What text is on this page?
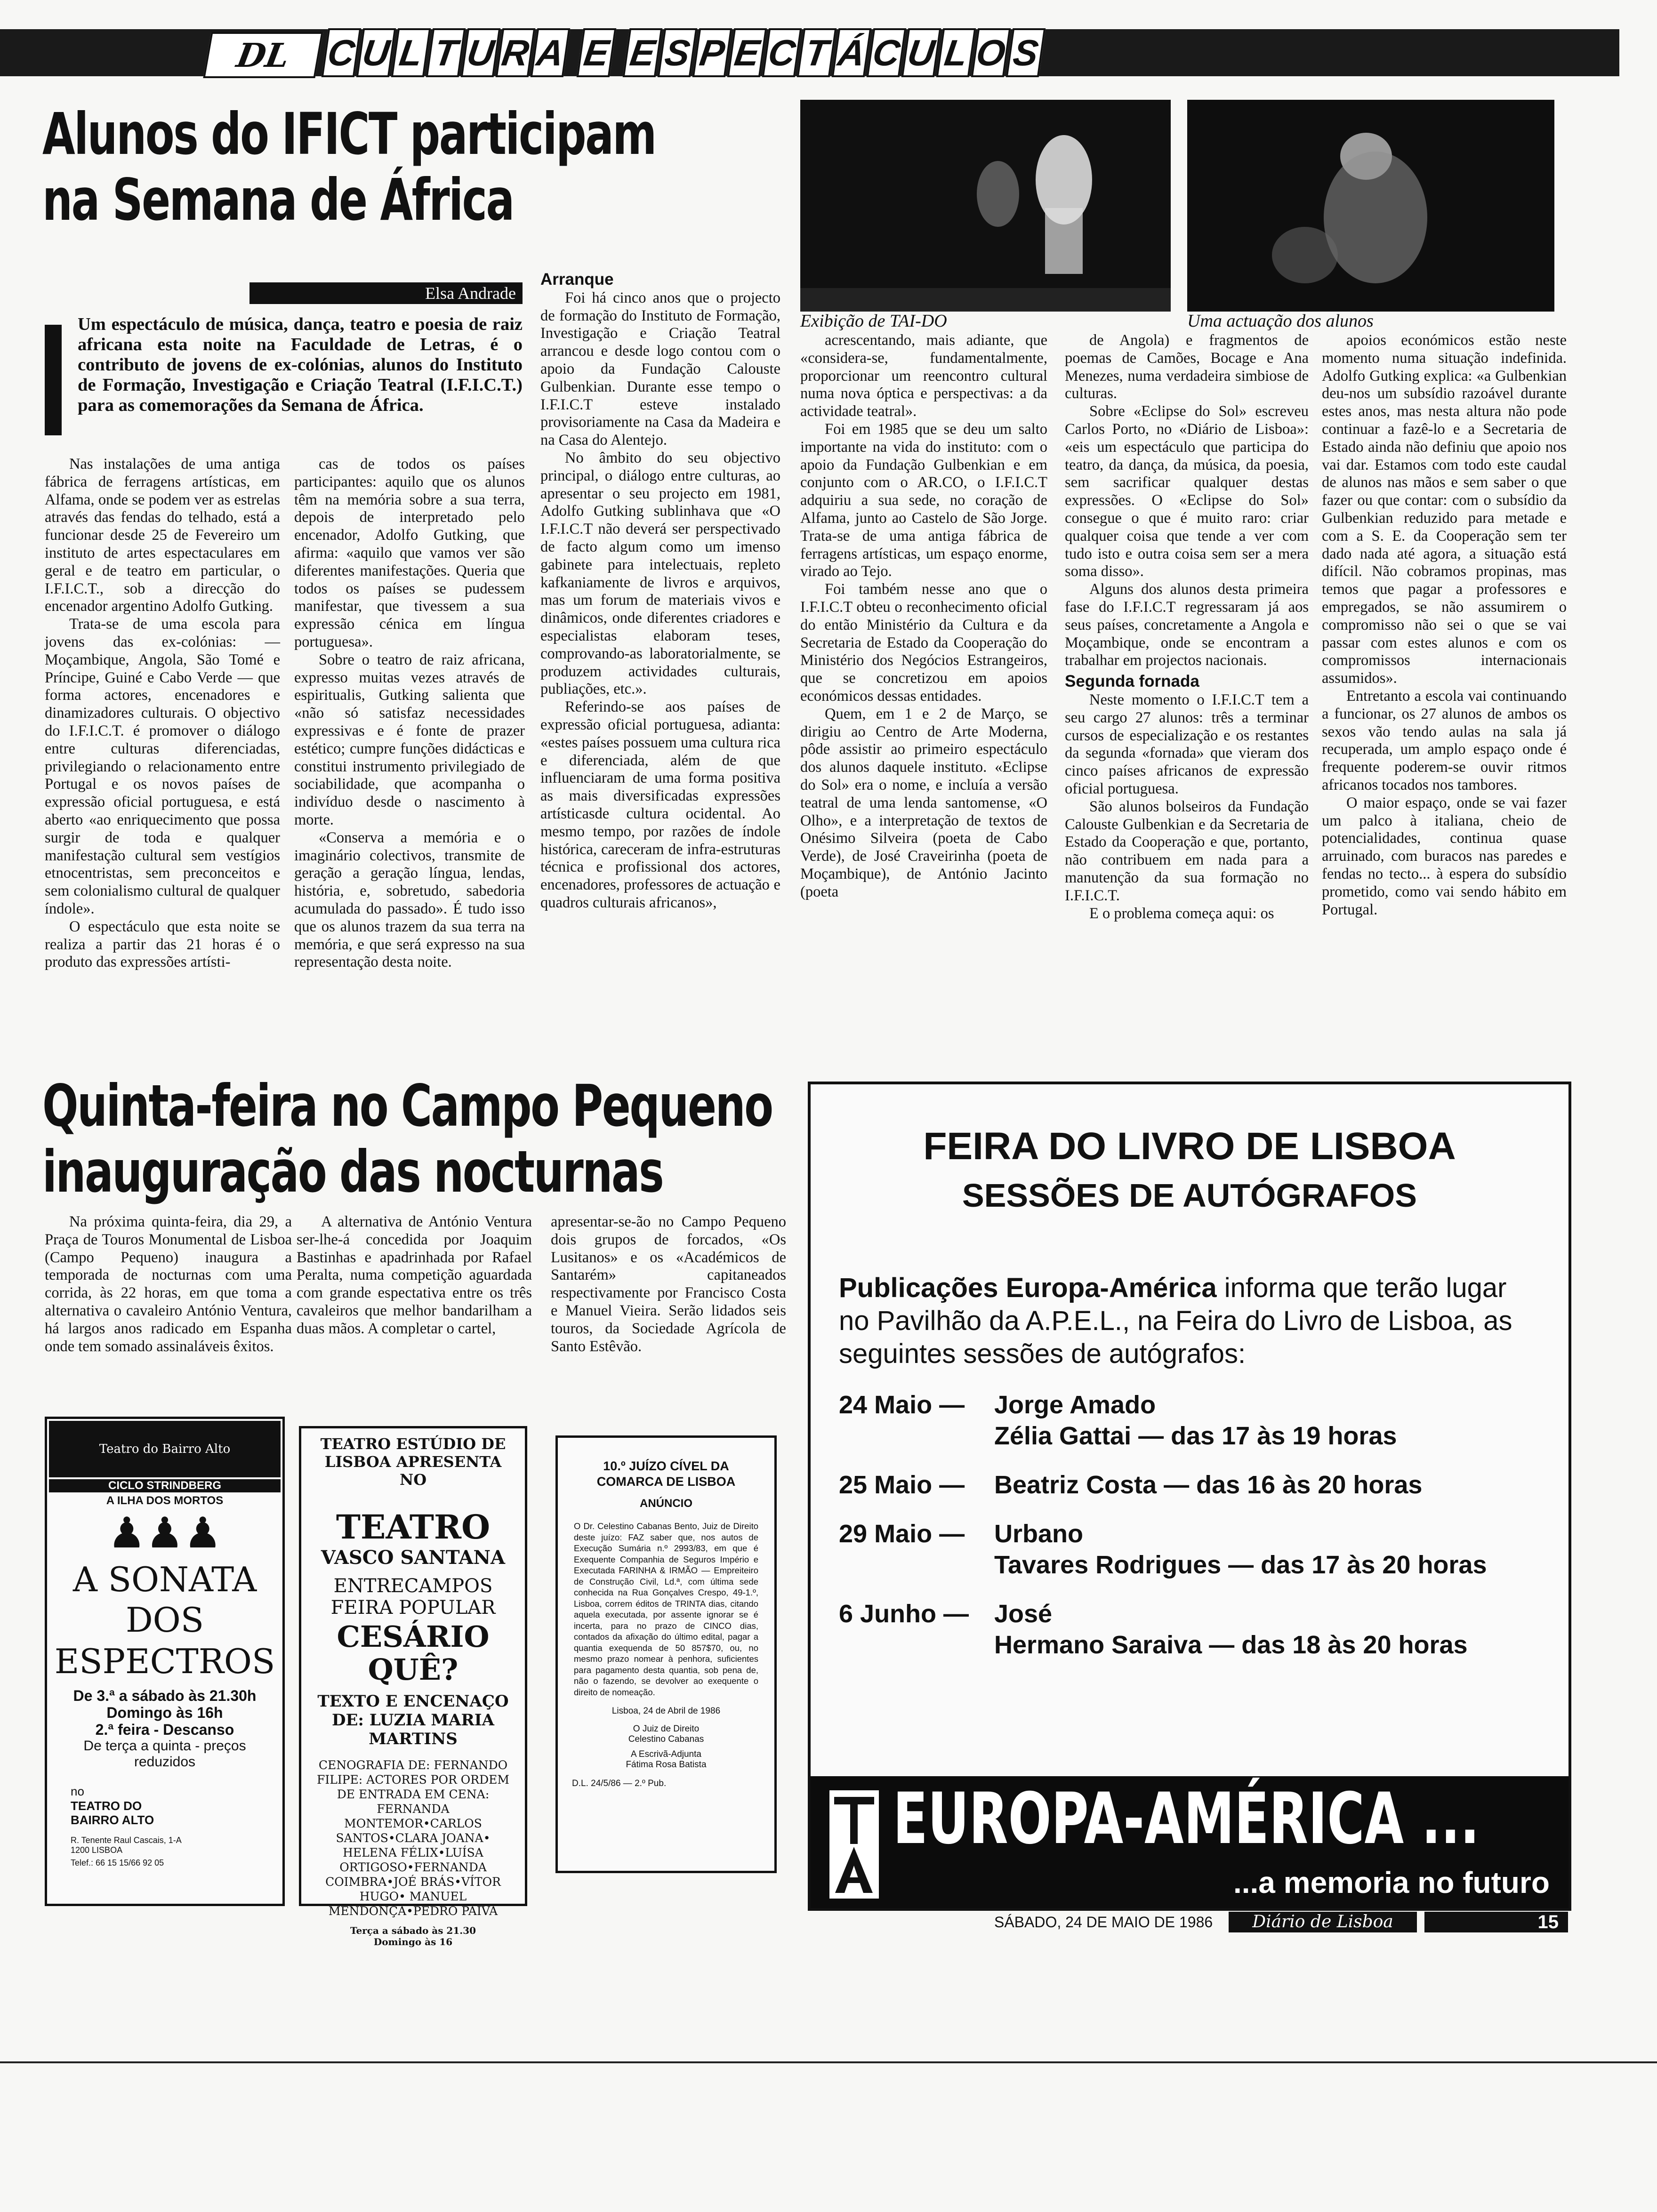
DL C U L T U R A E E S P E C T Á C U L O S
Alunos do IFICT participam
na Semana de África
Elsa Andrade
Um espectáculo de música, dança, teatro e poesia de raiz africana esta noite na Faculdade de Letras, é o contributo de jovens de ex-colónias, alunos do Instituto de Formação, Investigação e Criação Teatral (I.F.I.C.T.) para as comemorações da Semana de África.

Nas instalações de uma antiga fábrica de ferragens artísticas, em Alfama, onde se podem ver as estrelas através das fendas do telhado, está a funcionar desde 25 de Fevereiro um instituto de artes espectaculares em geral e de teatro em particular, o I.F.I.C.T., sob a direcção do encenador argentino Adolfo Gutking.

Trata-se de uma escola para jovens das ex-colónias: — Moçambique, Angola, São Tomé e Príncipe, Guiné e Cabo Verde — que forma actores, encenadores e dinamizadores culturais. O objectivo do I.F.I.C.T. é promover o diálogo entre culturas diferenciadas, privilegiando o relacionamento entre Portugal e os novos países de expressão oficial portuguesa, e está aberto «ao enriquecimento que possa surgir de toda e qualquer manifestação cultural sem vestígios etnocentristas, sem preconceitos e sem colonialismo cultural de qualquer índole».

O espectáculo que esta noite se realiza a partir das 21 horas é o produto das expressões artísti-

cas de todos os países participantes: aquilo que os alunos têm na memória sobre a sua terra, depois de interpretado pelo encenador, Adolfo Gutking, que afirma: «aquilo que vamos ver são diferentes manifestações. Queria que todos os países se pudessem manifestar, que tivessem a sua expressão cénica em língua portuguesa».

Sobre o teatro de raiz africana, expresso muitas vezes através de espiritualis, Gutking salienta que «não só satisfaz necessidades expressivas e é fonte de prazer estético; cumpre funções didácticas e constitui instrumento privilegiado de sociabilidade, que acompanha o indivíduo desde o nascimento à morte.

«Conserva a memória e o imaginário colectivos, transmite de geração a geração língua, lendas, história, e, sobretudo, sabedoria acumulada do passado». É tudo isso que os alunos trazem da sua terra na memória, e que será expresso na sua representação desta noite.

Arranque

Foi há cinco anos que o projecto de formação do Instituto de Formação, Investigação e Criação Teatral arrancou e desde logo contou com o apoio da Fundação Calouste Gulbenkian. Durante esse tempo o I.F.I.C.T esteve instalado provisoriamente na Casa da Madeira e na Casa do Alentejo.

No âmbito do seu objectivo principal, o diálogo entre culturas, ao apresentar o seu projecto em 1981, Adolfo Gutking sublinhava que «O I.F.I.C.T não deverá ser perspectivado de facto algum como um imenso gabinete para intelectuais, repleto kafkaniamente de livros e arquivos, mas um forum de materiais vivos e dinâmicos, onde diferentes criadores e especialistas elaboram teses, comprovando-as laboratorialmente, se produzem actividades culturais, publiações, etc.».

Referindo-se aos países de expressão oficial portuguesa, adianta: «estes países possuem uma cultura rica e diferenciada, além de que influenciaram de uma forma positiva as mais diversificadas expressões artísticasde cultura ocidental. Ao mesmo tempo, por razões de índole histórica, careceram de infra-estruturas técnica e profissional dos actores, encenadores, professores de actuação e quadros culturais africanos»,

Exibição de TAI-DO	Uma actuação dos alunos

acrescentando, mais adiante, que «considera-se, fundamentalmente, proporcionar um reencontro cultural numa nova óptica e perspectivas: a da actividade teatral».

Foi em 1985 que se deu um salto importante na vida do instituto: com o apoio da Fundação Gulbenkian e em conjunto com o AR.CO, o I.F.I.C.T adquiriu a sua sede, no coração de Alfama, junto ao Castelo de São Jorge. Trata-se de uma antiga fábrica de ferragens artísticas, um espaço enorme, virado ao Tejo.

Foi também nesse ano que o I.F.I.C.T obteu o reconhecimento oficial do então Ministério da Cultura e da Secretaria de Estado da Cooperação do Ministério dos Negócios Estrangeiros, que se concretizou em apoios económicos dessas entidades.

Quem, em 1 e 2 de Março, se dirigiu ao Centro de Arte Moderna, pôde assistir ao primeiro espectáculo dos alunos daquele instituto. «Eclipse do Sol» era o nome, e incluía a versão teatral de uma lenda santomense, «O Olho», e a interpretação de textos de Onésimo Silveira (poeta de Cabo Verde), de José Craveirinha (poeta de Moçambique), de António Jacinto (poeta

de Angola) e fragmentos de poemas de Camões, Bocage e Ana Menezes, numa verdadeira simbiose de culturas.

Sobre «Eclipse do Sol» escreveu Carlos Porto, no «Diário de Lisboa»: «eis um espectáculo que participa do teatro, da dança, da música, da poesia, sem sacrificar qualquer destas expressões. O «Eclipse do Sol» consegue o que é muito raro: criar qualquer coisa que tende a ver com tudo isto e outra coisa sem ser a mera soma disso».

Alguns dos alunos desta primeira fase do I.F.I.C.T regressaram já aos seus países, concretamente a Angola e Moçambique, onde se encontram a trabalhar em projectos nacionais.

Segunda fornada

Neste momento o I.F.I.C.T tem a seu cargo 27 alunos: três a terminar cursos de especialização e os restantes da segunda «fornada» que vieram dos cinco países africanos de expressão oficial portuguesa.

São alunos bolseiros da Fundação Calouste Gulbenkian e da Secretaria de Estado da Cooperação e que, portanto, não contribuem em nada para a manutenção da sua formação no I.F.I.C.T.

E o problema começa aqui: os

apoios económicos estão neste momento numa situação indefinida. Adolfo Gutking explica: «a Gulbenkian deu-nos um subsídio razoável durante estes anos, mas nesta altura não pode continuar a fazê-lo e a Secretaria de Estado ainda não definiu que apoio nos vai dar. Estamos com todo este caudal de alunos nas mãos e sem saber o que fazer ou que contar: com o subsídio da Gulbenkian reduzido para metade e com a S. E. da Cooperação sem ter dado nada até agora, a situação está difícil. Não cobramos propinas, mas temos que pagar a professores e empregados, se não assumirem o compromisso não sei o que se vai passar com estes alunos e com os compromissos internacionais assumidos».

Entretanto a escola vai continuando a funcionar, os 27 alunos de ambos os sexos vão tendo aulas na sala já recuperada, um amplo espaço onde é frequente poderem-se ouvir ritmos africanos tocados nos tambores.

O maior espaço, onde se vai fazer um palco à italiana, cheio de potencialidades, continua quase arruinado, com buracos nas paredes e fendas no tecto... à espera do subsídio prometido, como vai sendo hábito em Portugal.

Quinta-feira no Campo Pequeno
inauguração das nocturnas

Na próxima quinta-feira, dia 29, a Praça de Touros Monumental de Lisboa (Campo Pequeno) inaugura a temporada de nocturnas com uma corrida, às 22 horas, em que toma a alternativa o cavaleiro António Ventura, há largos anos radicado em Espanha onde tem somado assinaláveis êxitos.

A alternativa de António Ventura ser-lhe-á concedida por Joaquim Bastinhas e apadrinhada por Rafael Peralta, numa competição aguardada com grande espectativa entre os três cavaleiros que melhor bandarilham a duas mãos. A completar o cartel,

apresentar-se-ão no Campo Pequeno dois grupos de forcados, «Os Lusitanos» e os «Académicos de Santarém» capitaneados respectivamente por Francisco Costa e Manuel Vieira. Serão lidados seis touros, da Sociedade Agrícola de Santo Estêvão.

Teatro do Bairro Alto
CICLO STRINDBERG
A ILHA DOS MORTOS
♟♟♟
A SONATA
DOS
ESPECTROS
De 3.ª a sábado às 21.30h
Domingo às 16h
2.ª feira - Descanso
De terça a quinta - preços reduzidos
no
TEATRO DO BAIRRO ALTO
R. Tenente Raul Cascais, 1-A
1200 LISBOA
Telef.: 66 15 15/66 92 05
TEATRO ESTÚDIO DE LISBOA APRESENTA NO
TEATRO
VASCO SANTANA
ENTRECAMPOS
FEIRA POPULAR
CESÁRIO QUÊ?
TEXTO E ENCENAÇO DE: LUZIA MARIA MARTINS
CENOGRAFIA DE: FERNANDO FILIPE: ACTORES POR ORDEM DE ENTRADA EM CENA: FERNANDA MONTEMOR•CARLOS SANTOS•CLARA JOANA• HELENA FÉLIX•LUÍSA ORTIGOSO•FERNANDA COIMBRA•JOÉ BRÁS•VÍTOR HUGO• MANUEL MENDONÇA•PEDRO PAIVA
Terça a sábado às 21.30
Domingo às 16
10.º JUÍZO CÍVEL DA COMARCA DE LISBOA
ANÚNCIO
O Dr. Celestino Cabanas Bento, Juiz de Direito deste juízo: FAZ saber que, nos autos de Execução Sumária n.º 2993/83, em que é Exequente Companhia de Seguros Império e Executada FARINHA & IRMÃO — Empreiteiro de Construção Civil, Ld.ª, com última sede conhecida na Rua Gonçalves Crespo, 49-1.º, Lisboa, correm éditos de TRINTA dias, citando aquela executada, por assente ignorar se é incerta, para no prazo de CINCO dias, contados da afixação do último edital, pagar a quantia exequenda de 50 857$70, ou, no mesmo prazo nomear à penhora, suficientes para pagamento desta quantia, sob pena de, não o fazendo, se devolver ao exequente o direito de nomeação.
Lisboa, 24 de Abril de 1986
O Juiz de Direito
Celestino Cabanas
A Escrivã-Adjunta
Fátima Rosa Batista
D.L. 24/5/86 — 2.º Pub.
FEIRA DO LIVRO DE LISBOA
SESSÕES DE AUTÓGRAFOS
Publicações Europa-América informa que terão lugar no Pavilhão da A.P.E.L., na Feira do Livro de Lisboa, as seguintes sessões de autógrafos:
24 Maio —	Jorge Amado
Zélia Gattai — das 17 às 19 horas
25 Maio —	Beatriz Costa — das 16 às 20 horas
29 Maio —	Urbano
Tavares Rodrigues — das 17 às 20 horas
6 Junho — José
Hermano Saraiva — das 18 às 20 horas
EUROPA-AMÉRICA ...
...a memoria no futuro
SÁBADO, 24 DE MAIO DE 1986	Diário de Lisboa	15
